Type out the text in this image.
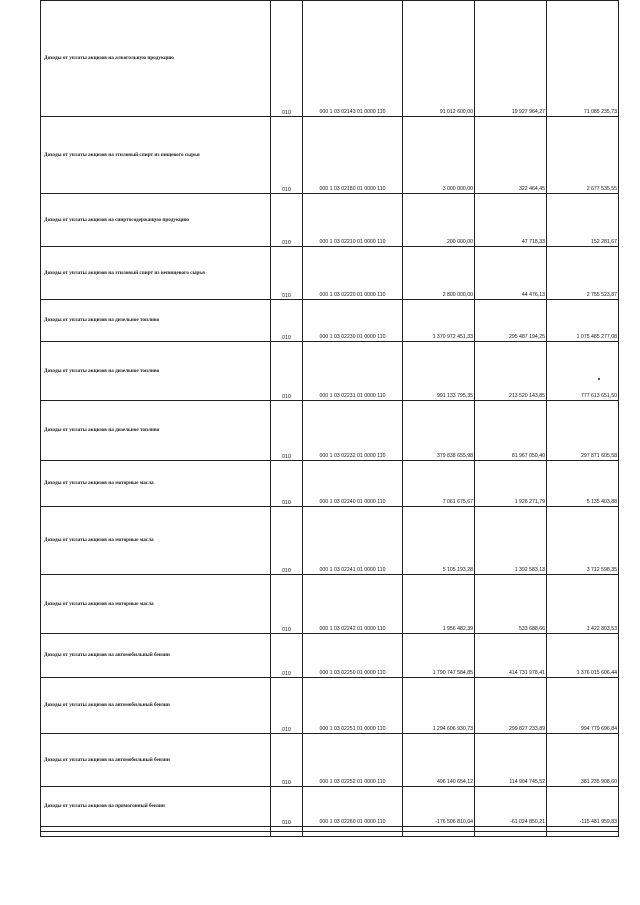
Доходы от уплаты акцизов на алкогольную продукцию	010	000 1 03 02143 01 0000 110	91 012 600,00	19 927 964,27	71 085 235,73
Доходы от уплаты акцизов на этиловый спирт из пищевого сырья	010	000 1 03 02180 01 0000 110	3 000 000,00	322 464,45	2 677 535,55
Доходы от уплаты акцизов на спиртосодержащую продукцию	010	000 1 03 02210 01 0000 110	200 000,00	47 718,33	152 281,67
Доходы от уплаты акцизов на этиловый спирт из непищевого сырья	010	000 1 03 02220 01 0000 110	2 800 000,00	44 476,13	2 755 523,87
Доходы от уплаты акцизов на дизельное топливо	010	000 1 03 02230 01 0000 110	1 370 972 451,33	295 487 194,25	1 075 485 277,08
Доходы от уплаты акцизов на дизельное топливо	010	000 1 03 02231 01 0000 110	991 133 795,35	213 520 143,85	777 613 651,50
Доходы от уплаты акцизов на дизельное топливо	010	000 1 03 02232 01 0000 110	379 838 655,98	81 967 050,40	297 871 605,58
Доходы от уплаты акцизов на моторные масла	010	000 1 03 02240 01 0000 110	7 061 675,67	1 926 271,79	5 135 403,88
Доходы от уплаты акцизов на моторные масла	010	000 1 03 02241 01 0000 110	5 105 193,28	1 392 583,13	3 712 598,35
Доходы от уплаты акцизов на моторные масла	010	000 1 03 02242 01 0000 110	1 956 482,39	533 688,66	1 422 803,53
Доходы от уплаты акцизов на автомобильный бензин	010	000 1 03 02250 01 0000 110	1 790 747 584,85	414 731 978,41	1 376 015 606,44
Доходы от уплаты акцизов на автомобильный бензин	010	000 1 03 02251 01 0000 110	1 294 606 930,73	299 827 233,89	994 779 696,84
Доходы от уплаты акцизов на автомобильный бензин	010	000 1 03 02252 01 0000 110	496 140 654,12	114 904 745,52	381 235 908,60
Доходы от уплаты акцизов на прямогонный бензин	010	000 1 03 02260 01 0000 110	-176 506 810,04	-61 024 850,21	-115 481 959,83
